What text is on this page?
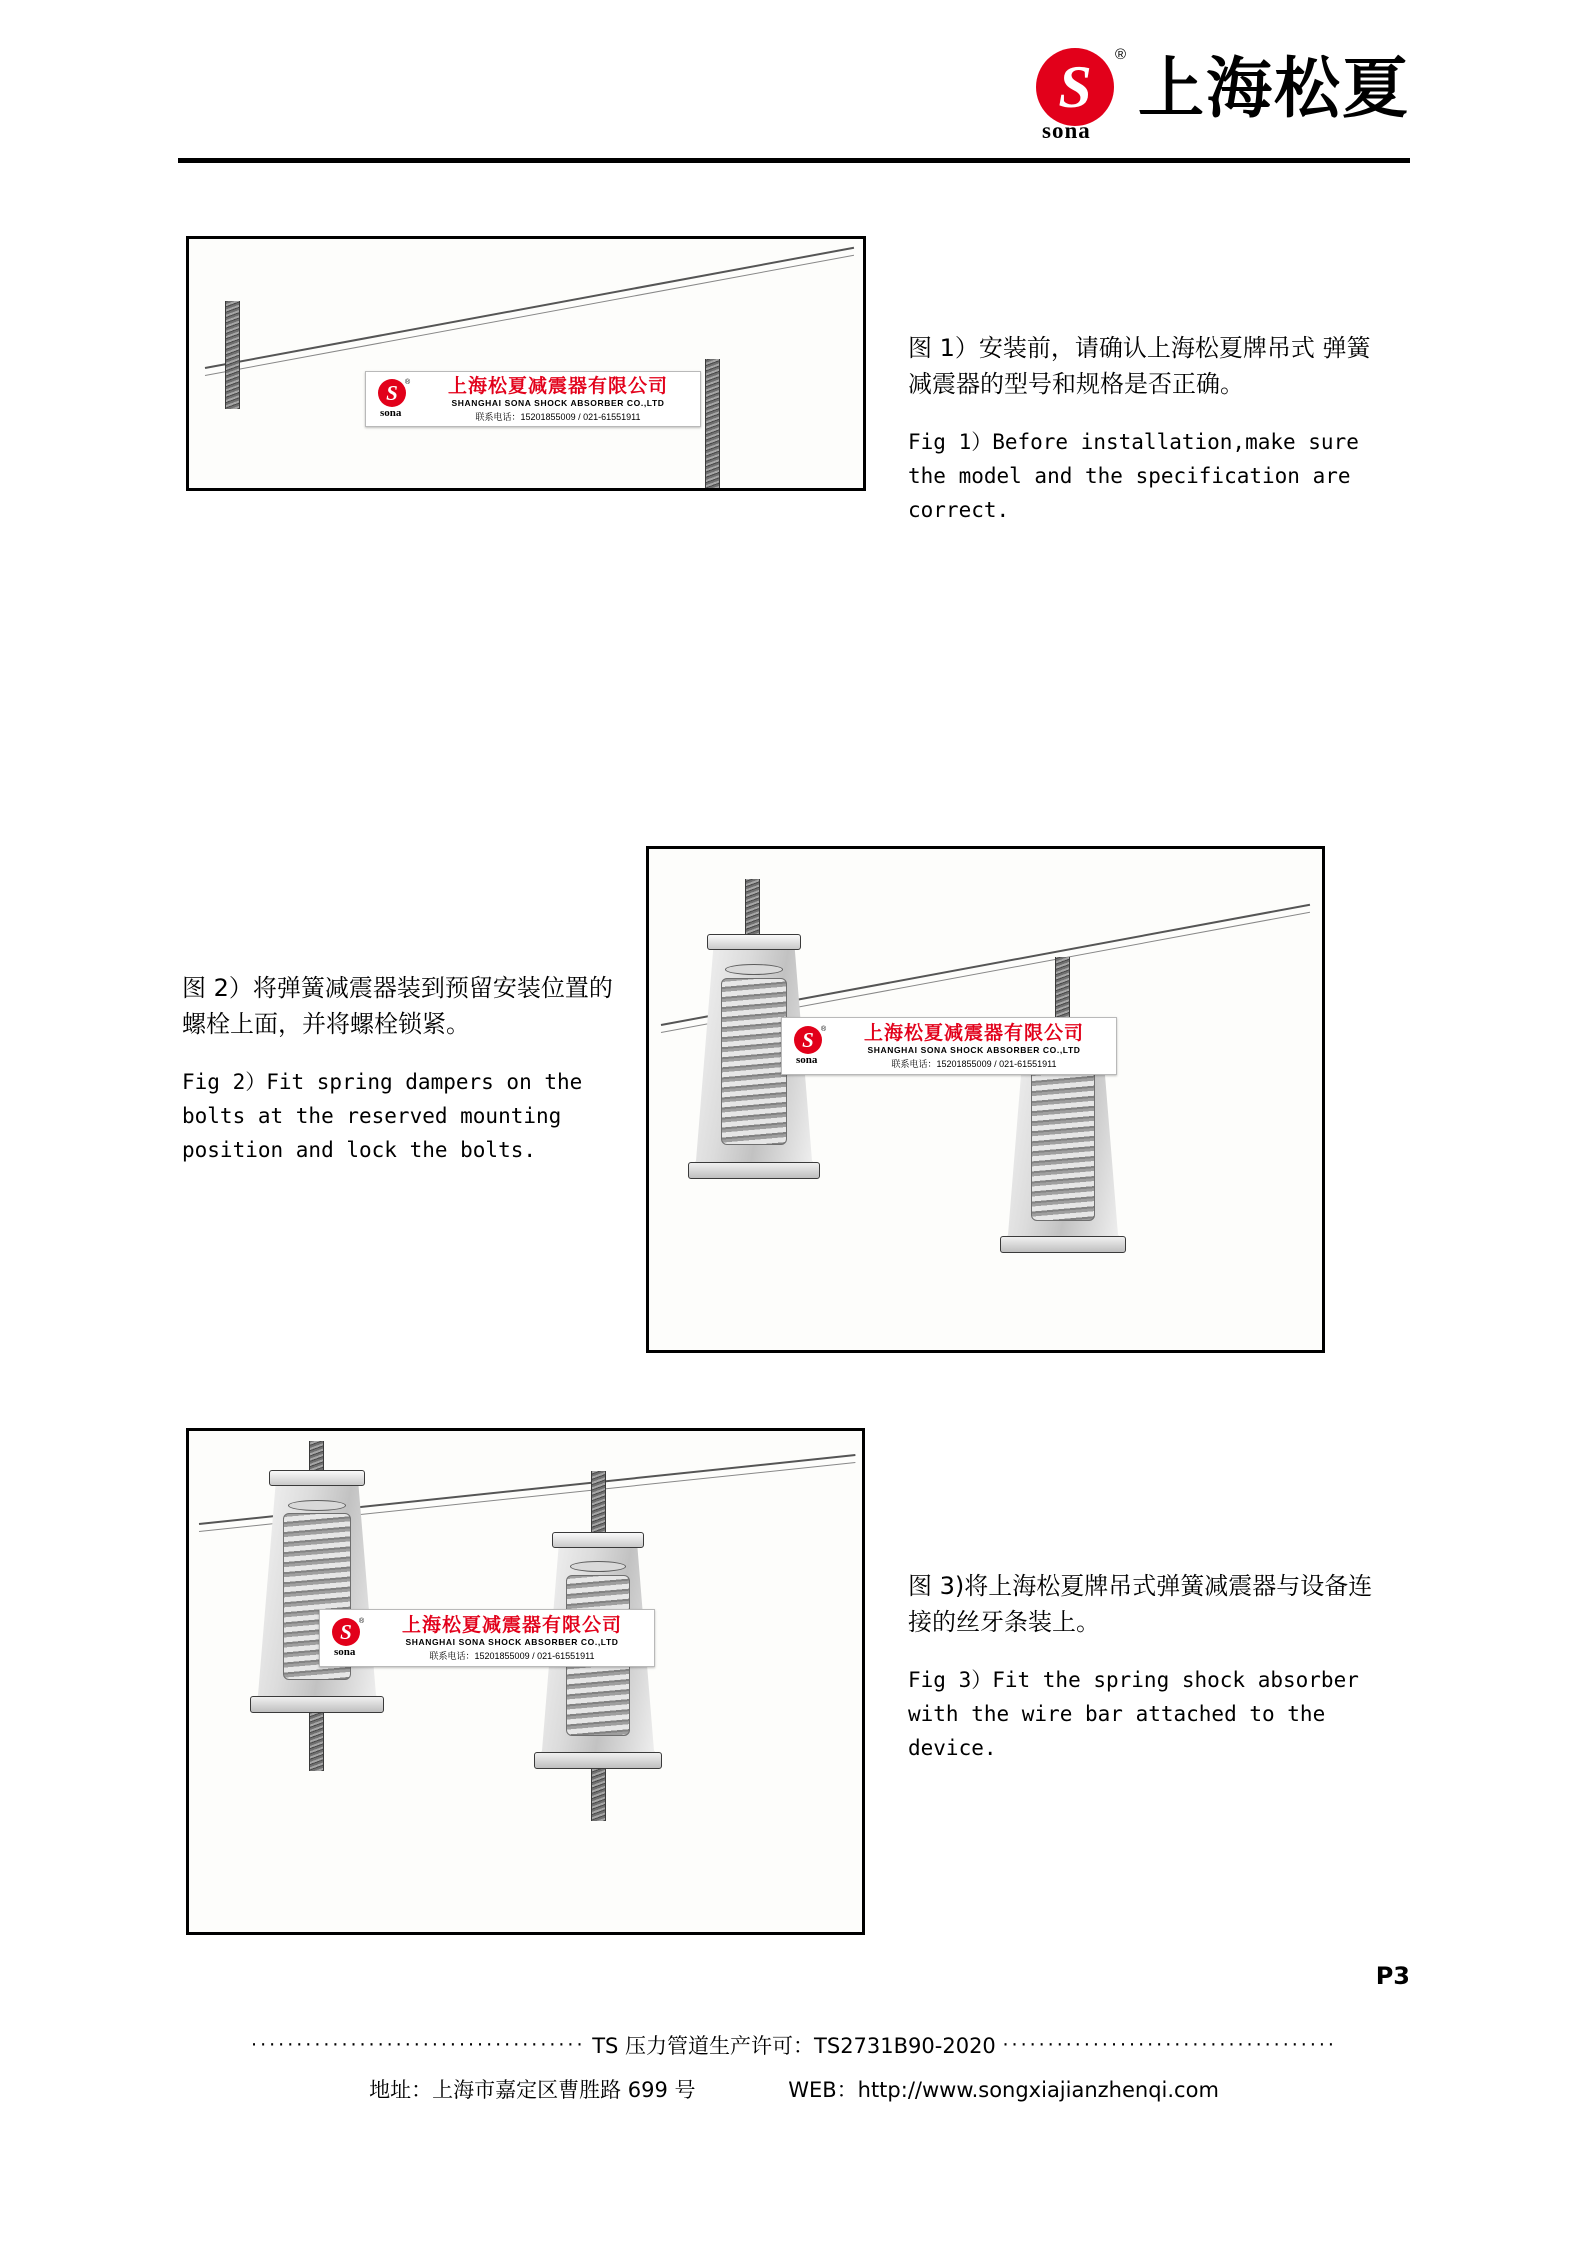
S	®
sona
上海松夏
S	®
sona
上海松夏减震器有限公司
SHANGHAI SONA SHOCK ABSORBER CO.,LTD
联系电话：15201855009 / 021-61551911
图 1）安装前，请确认上海松夏牌吊式 弹簧减震器的型号和规格是否正确。
Fig 1）Before installation,make sure the model and the specification are correct.
图 2）将弹簧减震器装到预留安装位置的螺栓上面，并将螺栓锁紧。
Fig 2）Fit spring dampers on the bolts at the reserved mounting position and lock the bolts.
S	®
sona
上海松夏减震器有限公司
SHANGHAI SONA SHOCK ABSORBER CO.,LTD
联系电话：15201855009 / 021-61551911
S	®
sona
上海松夏减震器有限公司
SHANGHAI SONA SHOCK ABSORBER CO.,LTD
联系电话：15201855009 / 021-61551911
图 3)将上海松夏牌吊式弹簧减震器与设备连接的丝牙条装上。
Fig 3）Fit the spring shock absorber with the wire bar attached to the device.
P3
····································· TS 压力管道生产许可：TS2731B90-2020 ·····································
地址：上海市嘉定区曹胜路 699 号	WEB：http://www.songxiajianzhenqi.com
